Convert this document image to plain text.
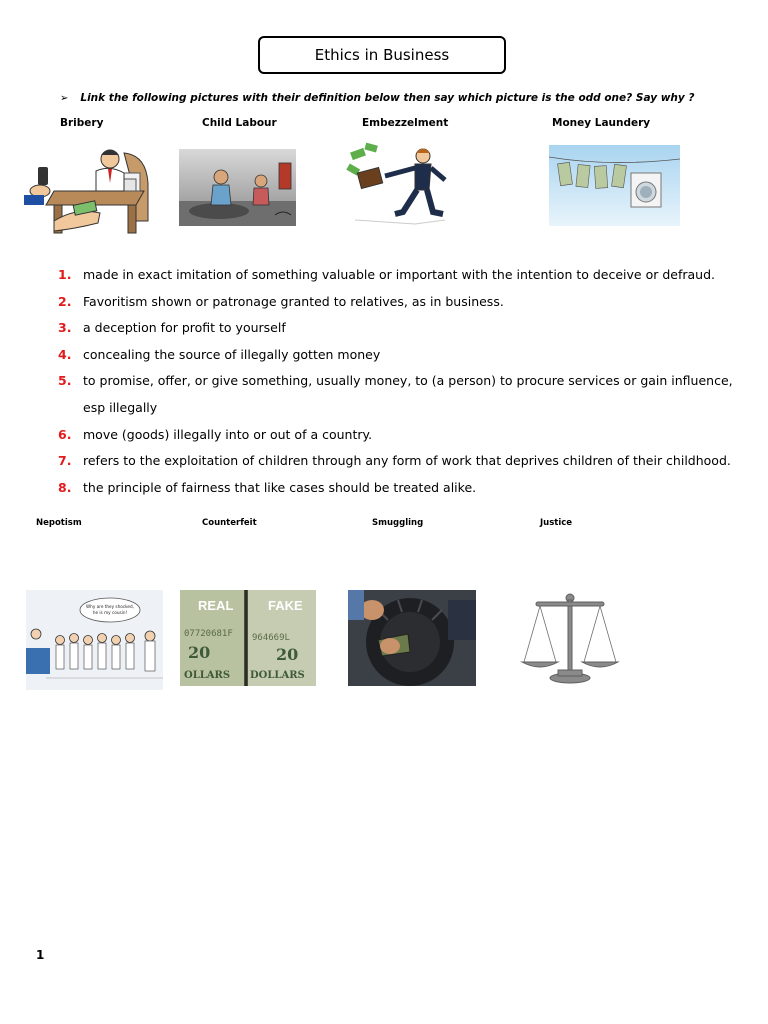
Ethics in Business
➢ Link the following pictures with their definition below then say which picture is the odd one? Say why ?
Bribery	Child Labour	Embezzelment	Money Laundery
1. made in exact imitation of something valuable or important with the intention to deceive or defraud.
2. Favoritism shown or patronage granted to relatives, as in business.
3. a deception for profit to yourself
4. concealing the source of illegally gotten money
5. to promise, offer, or give something, usually money, to (a person) to procure services or gain influence, esp illegally
6. move (goods) illegally into or out of a country.
7. refers to the exploitation of children through any form of work that deprives children of their childhood.
8. the principle of fairness that like cases should be treated alike.
Nepotism	Counterfeit	Smuggling	Justice
Why are they shocked,
he is my cousin!	REAL	FAKE
07720681F 964669L
20	20
OLLARS DOLLARS
1
